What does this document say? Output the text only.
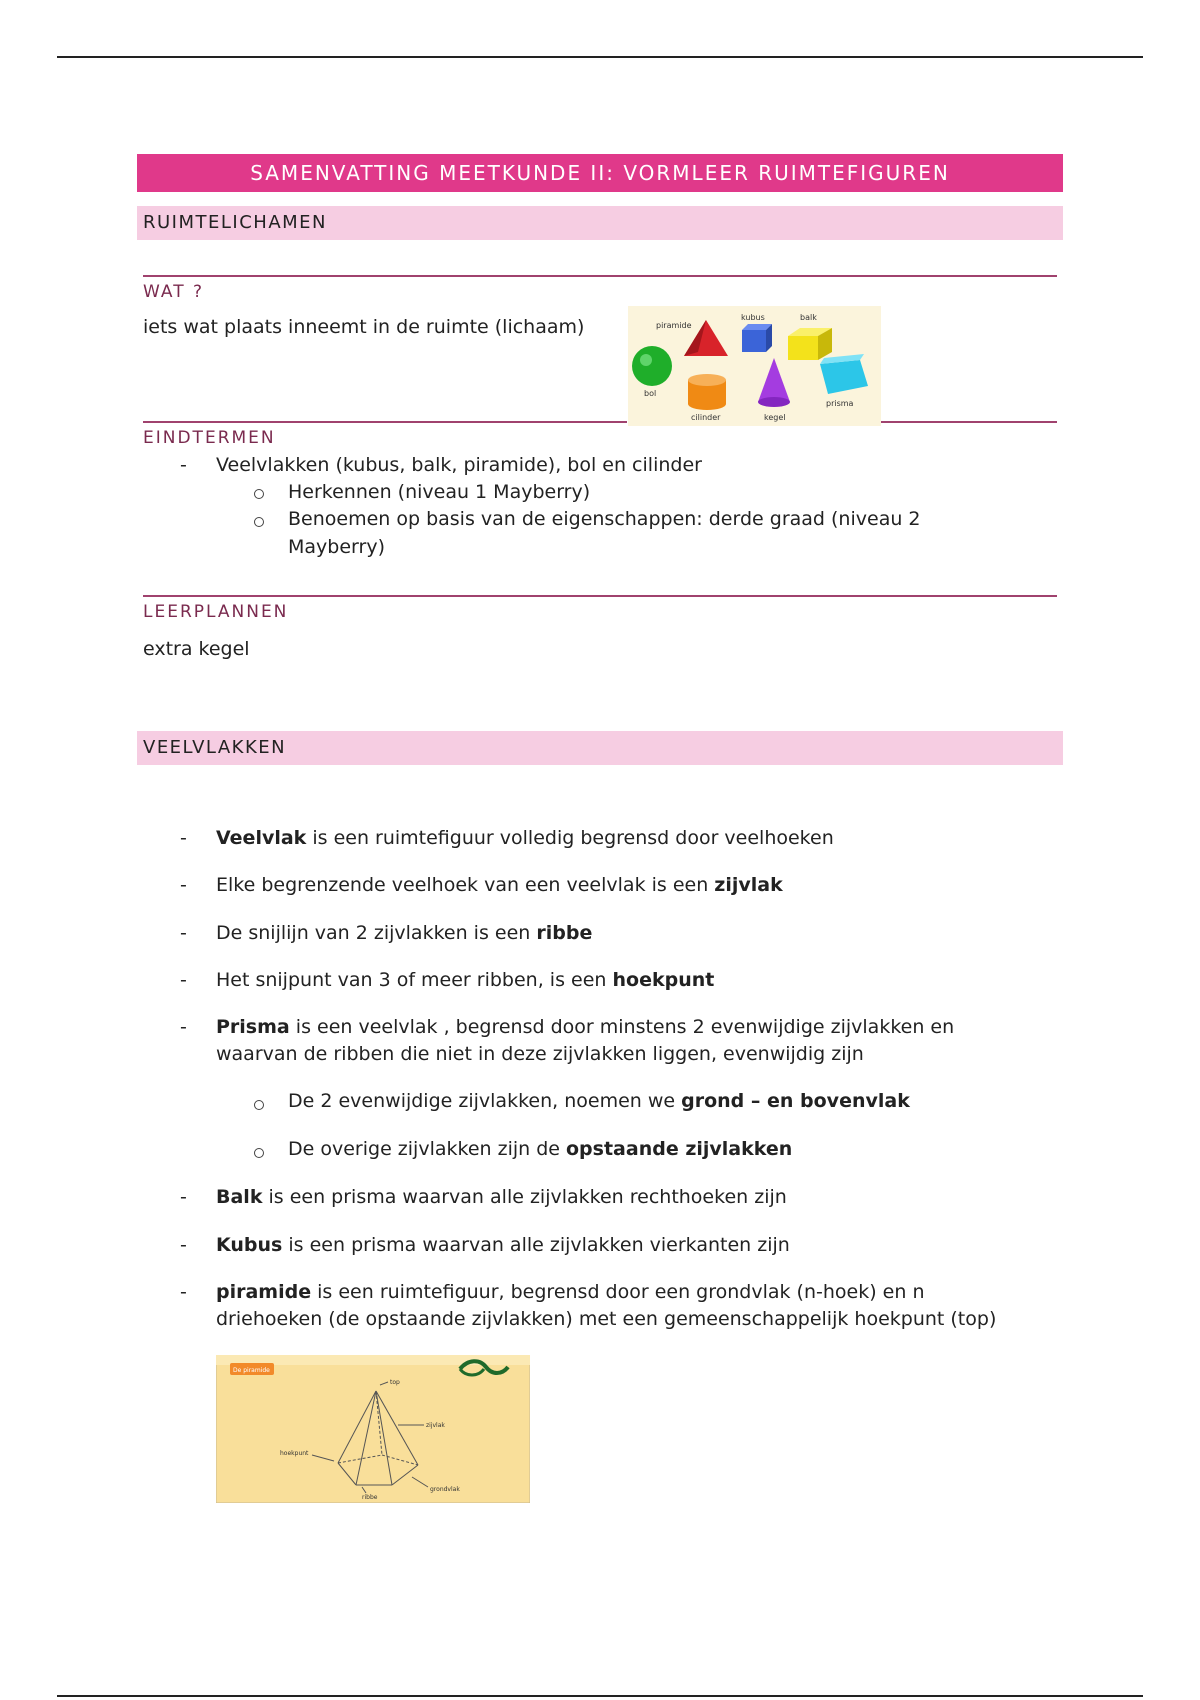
SAMENVATTING MEETKUNDE II: VORMLEER RUIMTEFIGUREN
RUIMTELICHAMEN
WAT ?
iets wat plaats inneemt in de ruimte (lichaam)	piramide
kubus	balk
bol
cilinder	kegel
prisma
EINDTERMEN
- Veelvlakken (kubus, balk, piramide), bol en cilinder
Herkennen (niveau 1 Mayberry)
Benoemen op basis van de eigenschappen: derde graad (niveau 2
Mayberry)
LEERPLANNEN
extra kegel
VEELVLAKKEN
- Veelvlak is een ruimtefiguur volledig begrensd door veelhoeken
- Elke begrenzende veelhoek van een veelvlak is een zijvlak
- De snijlijn van 2 zijvlakken is een ribbe
- Het snijpunt van 3 of meer ribben, is een hoekpunt
- Prisma is een veelvlak , begrensd door minstens 2 evenwijdige zijvlakken en
waarvan de ribben die niet in deze zijvlakken liggen, evenwijdig zijn
De 2 evenwijdige zijvlakken, noemen we grond – en bovenvlak
De overige zijvlakken zijn de opstaande zijvlakken
- Balk is een prisma waarvan alle zijvlakken rechthoeken zijn
- Kubus is een prisma waarvan alle zijvlakken vierkanten zijn
- piramide is een ruimtefiguur, begrensd door een grondvlak (n-hoek) en n
driehoeken (de opstaande zijvlakken) met een gemeenschappelijk hoekpunt (top)
De piramide
top
zijvlak
hoekpunt
ribbe
grondvlak
